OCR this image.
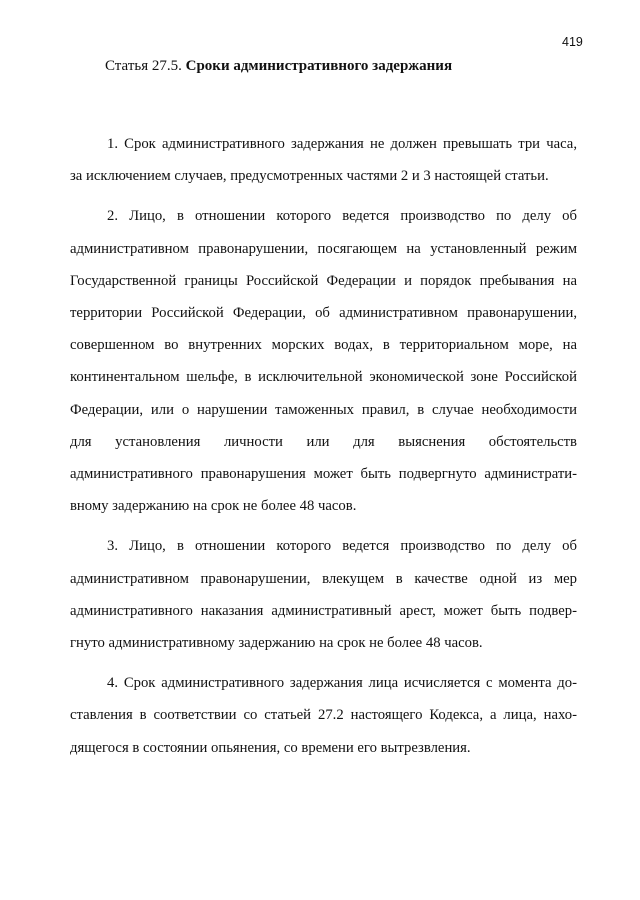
419
Статья 27.5. Сроки административного задержания

1. Срок административного задержания не должен превышать три часа,
за исключением случаев, предусмотренных частями 2 и 3 настоящей статьи.

2. Лицо, в отношении которого ведется производство по делу об
административном правонарушении, посягающем на установленный режим
Государственной границы Российской Федерации и порядок пребывания на
территории Российской Федерации, об административном правонарушении,
совершенном во внутренних морских водах, в территориальном море, на
континентальном шельфе, в исключительной экономической зоне Российской
Федерации, или о нарушении таможенных правил, в случае необходимости
для установления личности или для выяснения обстоятельств
административного правонарушения может быть подвергнуто администрати-
вному задержанию на срок не более 48 часов.

3. Лицо, в отношении которого ведется производство по делу об
административном правонарушении, влекущем в качестве одной из мер
административного наказания административный арест, может быть подвер-
гнуто административному задержанию на срок не более 48 часов.

4. Срок административного задержания лица исчисляется с момента до-
ставления в соответствии со статьей 27.2 настоящего Кодекса, а лица, нахо-
дящегося в состоянии опьянения, со времени его вытрезвления.
